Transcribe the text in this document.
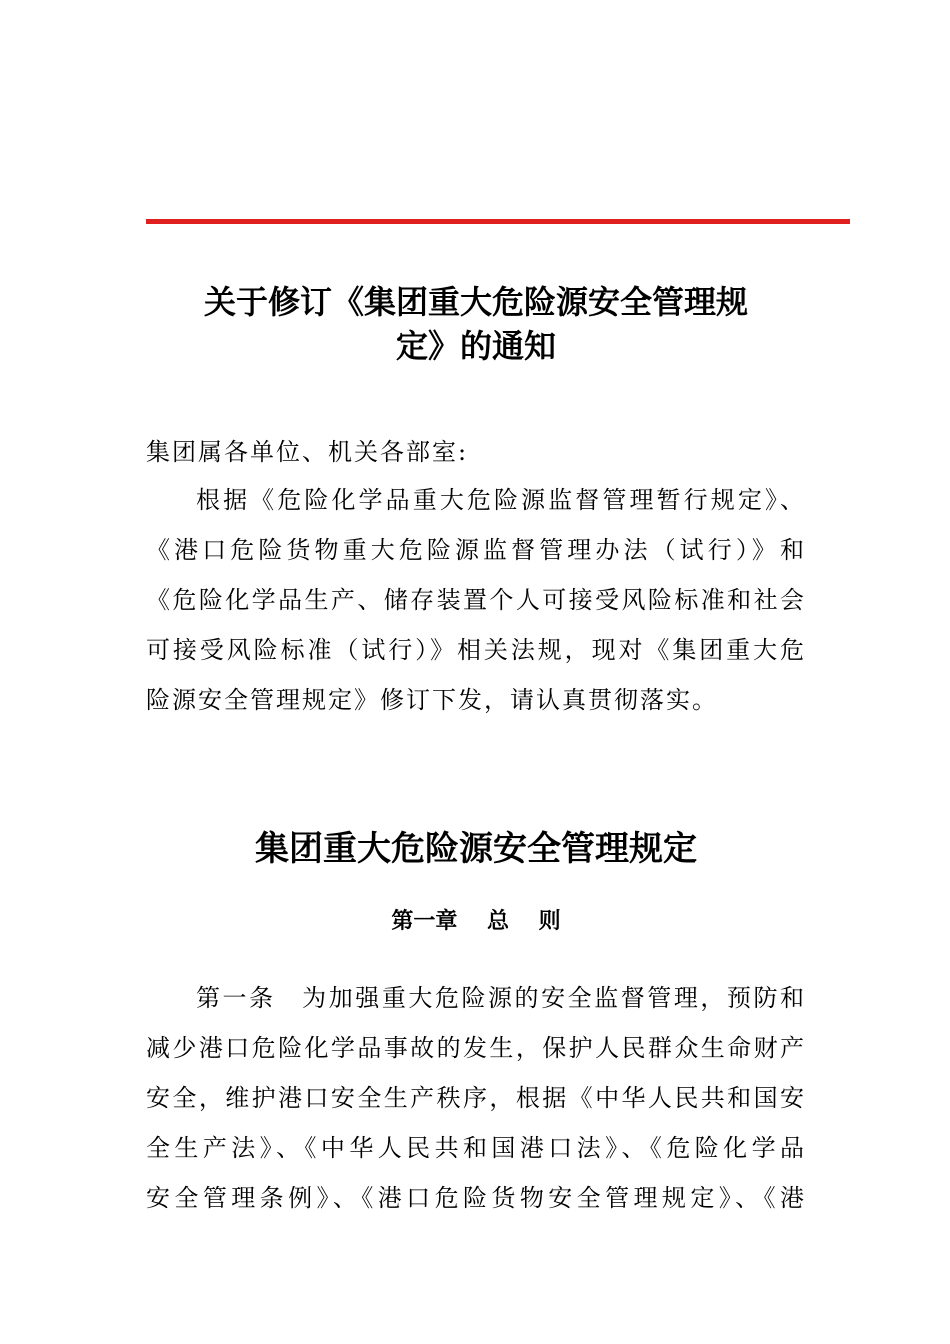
关于修订《集团重大危险源安全管理规
定》的通知
集团属各单位、机关各部室:
根据《危险化学品重大危险源监督管理暂行规定》、
《港口危险货物重大危险源监督管理办法（试行）》和
《危险化学品生产、储存装置个人可接受风险标准和社会
可接受风险标准（试行）》相关法规，现对《集团重大危
险源安全管理规定》修订下发，请认真贯彻落实。
集团重大危险源安全管理规定
第一章　 总　 则
第一条　为加强重大危险源的安全监督管理，预防和
减少港口危险化学品事故的发生，保护人民群众生命财产
安全，维护港口安全生产秩序，根据《中华人民共和国安
全生产法》、《中华人民共和国港口法》、《危险化学品
安全管理条例》、《港口危险货物安全管理规定》、《港
